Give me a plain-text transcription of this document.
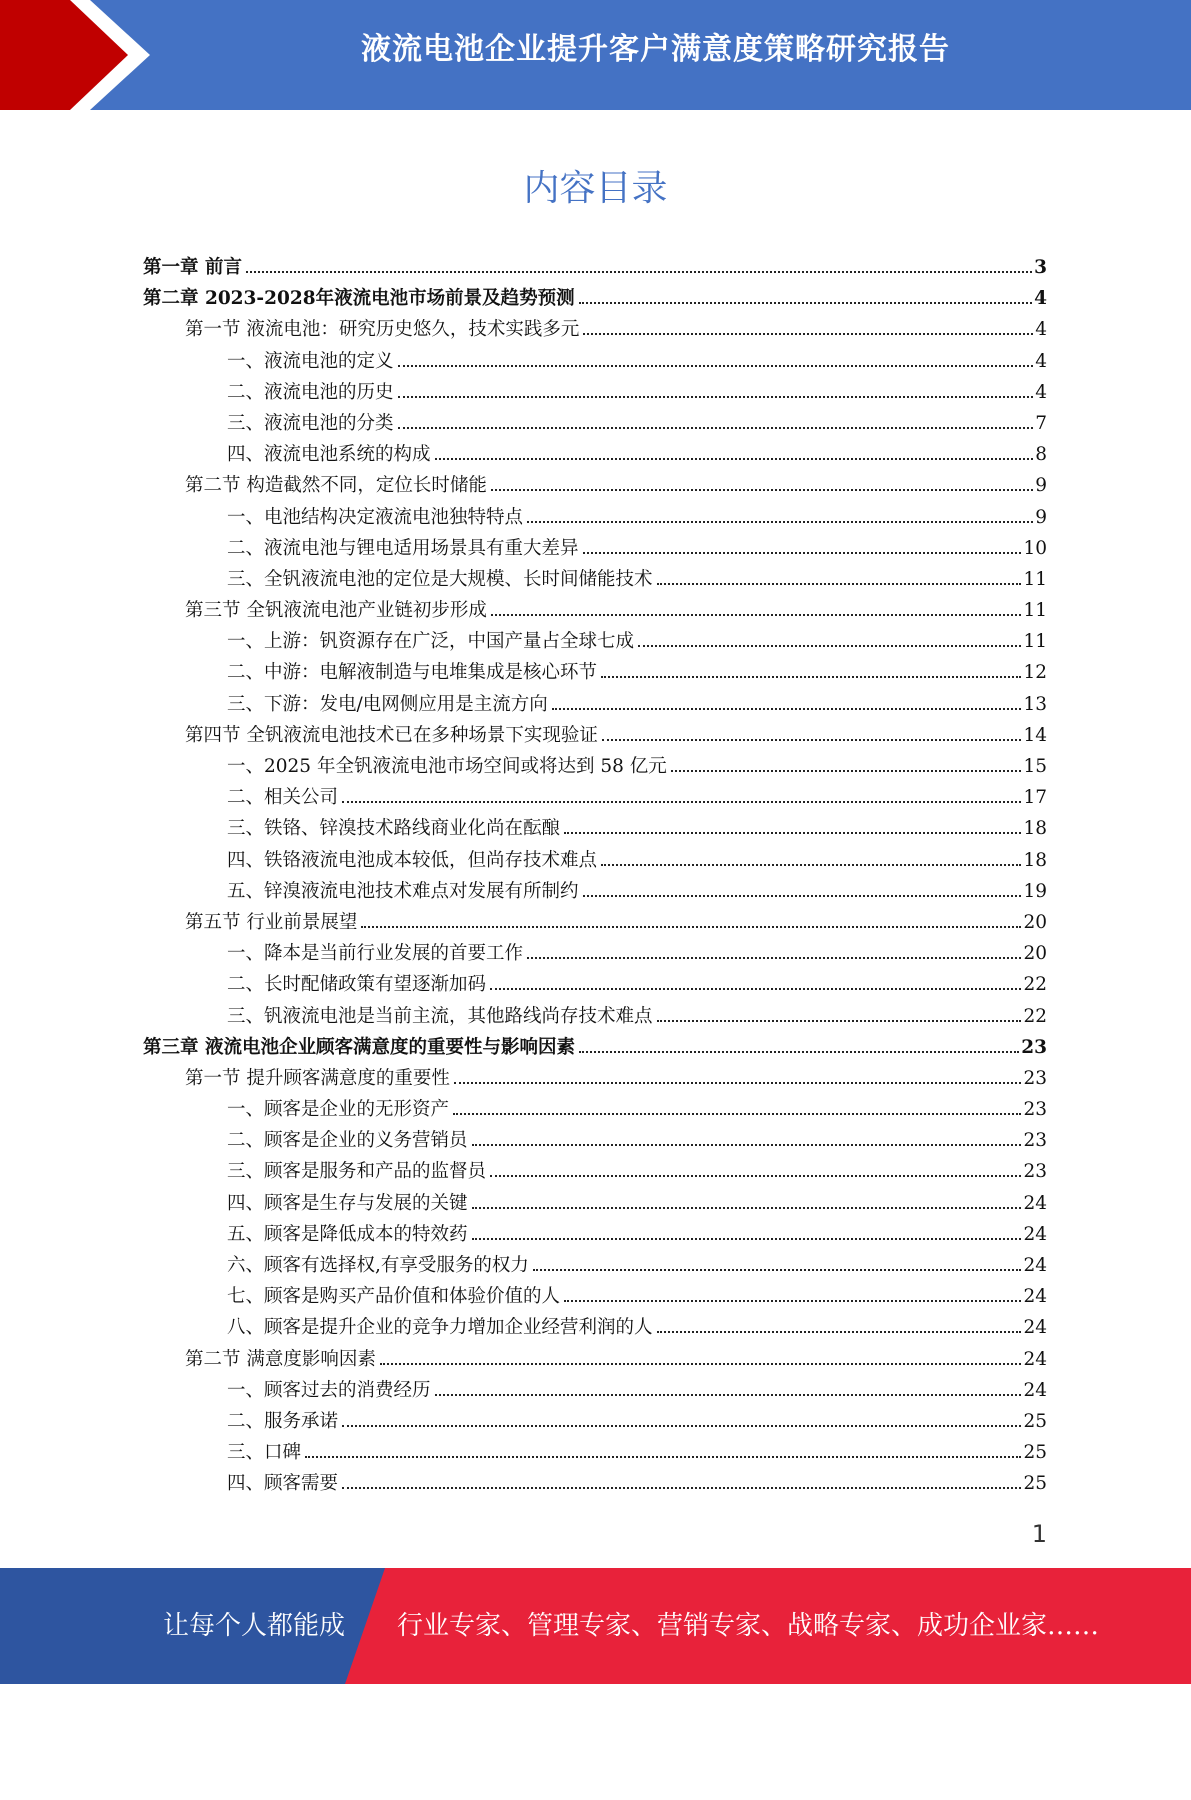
液流电池企业提升客户满意度策略研究报告
内容目录
第一章 前言	3
第二章 2023-2028年液流电池市场前景及趋势预测	4
第一节 液流电池：研究历史悠久，技术实践多元	4
一、液流电池的定义	4
二、液流电池的历史	4
三、液流电池的分类	7
四、液流电池系统的构成	8
第二节 构造截然不同，定位长时储能	9
一、电池结构决定液流电池独特特点	9
二、液流电池与锂电适用场景具有重大差异	10
三、全钒液流电池的定位是大规模、长时间储能技术	11
第三节 全钒液流电池产业链初步形成	11
一、上游：钒资源存在广泛，中国产量占全球七成	11
二、中游：电解液制造与电堆集成是核心环节	12
三、下游：发电/电网侧应用是主流方向	13
第四节 全钒液流电池技术已在多种场景下实现验证	14
一、2025 年全钒液流电池市场空间或将达到 58 亿元	15
二、相关公司	17
三、铁铬、锌溴技术路线商业化尚在酝酿	18
四、铁铬液流电池成本较低，但尚存技术难点	18
五、锌溴液流电池技术难点对发展有所制约	19
第五节 行业前景展望	20
一、降本是当前行业发展的首要工作	20
二、长时配储政策有望逐渐加码	22
三、钒液流电池是当前主流，其他路线尚存技术难点	22
第三章 液流电池企业顾客满意度的重要性与影响因素	23
第一节 提升顾客满意度的重要性	23
一、顾客是企业的无形资产	23
二、顾客是企业的义务营销员	23
三、顾客是服务和产品的监督员	23
四、顾客是生存与发展的关键	24
五、顾客是降低成本的特效药	24
六、顾客有选择权,有享受服务的权力	24
七、顾客是购买产品价值和体验价值的人	24
八、顾客是提升企业的竞争力增加企业经营利润的人	24
第二节 满意度影响因素	24
一、顾客过去的消费经历	24
二、服务承诺	25
三、口碑	25
四、顾客需要	25
1
让每个人都能成为
行业专家、管理专家、营销专家、战略专家、成功企业家……
